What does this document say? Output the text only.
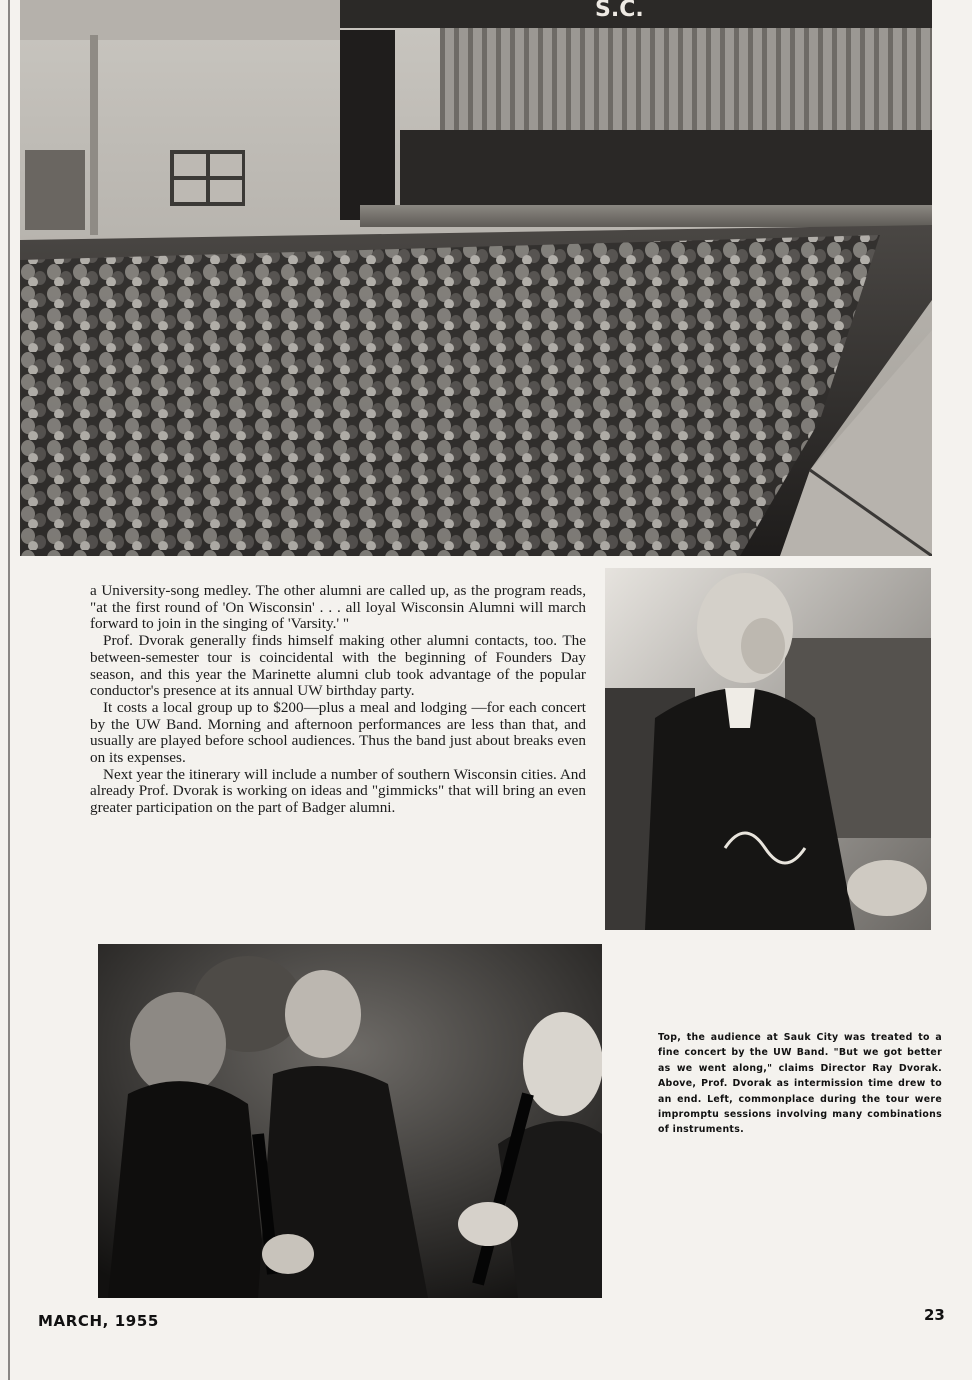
S.C.

a University-song medley. The other alumni are called up, as the program reads, "at the first round of 'On Wisconsin' . . . all loyal Wisconsin Alumni will march forward to join in the singing of 'Varsity.' "

Prof. Dvorak generally finds himself making other alumni contacts, too. The between-semester tour is coincidental with the beginning of Founders Day season, and this year the Marinette alumni club took advantage of the popular conductor's presence at its annual UW birthday party.

It costs a local group up to $200—plus a meal and lodging —for each concert by the UW Band. Morning and afternoon performances are less than that, and usually are played before school audiences. Thus the band just about breaks even on its expenses.

Next year the itinerary will include a number of southern Wisconsin cities. And already Prof. Dvorak is working on ideas and "gimmicks" that will bring an even greater participation on the part of Badger alumni.

Top, the audience at Sauk City was treated to a fine concert by the UW Band. "But we got better as we went along," claims Director Ray Dvorak. Above, Prof. Dvorak as intermission time drew to an end. Left, commonplace during the tour were impromptu sessions involving many combinations of instruments.
MARCH, 1955	23
